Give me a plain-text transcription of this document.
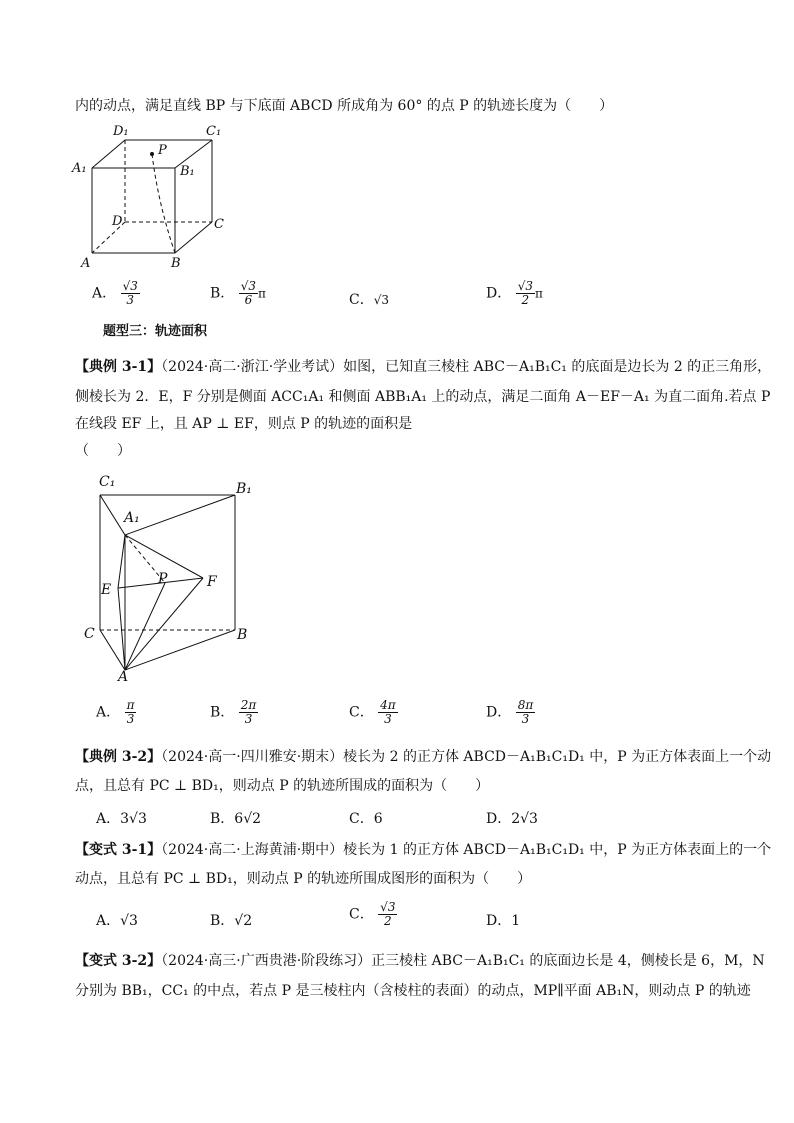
内的动点，满足直线 BP 与下底面 ABCD 所成角为 60° 的点 P 的轨迹长度为（　　）
D₁	C₁
P
A₁	B₁
D	C
A	B
A． $\frac{√3}{3}$	B． $\frac{√3}{6}$ π	C．√3	D． $\frac{√3}{2}$ π
题型三：轨迹面积
【典例 3-1】（2024·高二·浙江·学业考试）如图，已知直三棱柱 ABC－A₁B₁C₁ 的底面是边长为 2 的正三角形，
侧棱长为 2．E，F 分别是侧面 ACC₁A₁ 和侧面 ABB₁A₁ 上的动点，满足二面角 A－EF－A₁ 为直二面角.若点 P
在线段 EF 上，且 AP ⊥ EF，则点 P 的轨迹的面积是
（　　）
C₁	B₁
A₁
P	F
E
C	B
A
A． $\frac{\pi}{3}$	B． $\frac{2\pi}{3}$	C． $\frac{4\pi}{3}$	D． $\frac{8\pi}{3}$
【典例 3-2】（2024·高一·四川雅安·期末）棱长为 2 的正方体 ABCD－A₁B₁C₁D₁ 中，P 为正方体表面上一个动
点，且总有 PC ⊥ BD₁，则动点 P 的轨迹所围成的面积为（　　）
A．3√3	B．6√2	C．6	D．2√3
【变式 3-1】（2024·高二·上海黄浦·期中）棱长为 1 的正方体 ABCD－A₁B₁C₁D₁ 中，P 为正方体表面上的一个
动点，且总有 PC ⊥ BD₁，则动点 P 的轨迹所围成图形的面积为（　　）
A．√3	B．√2	C． $\frac{√3}{2}$	D．1
【变式 3-2】（2024·高三·广西贵港·阶段练习）正三棱柱 ABC－A₁B₁C₁ 的底面边长是 4，侧棱长是 6，M，N
分别为 BB₁，CC₁ 的中点，若点 P 是三棱柱内（含棱柱的表面）的动点，MP∥平面 AB₁N，则动点 P 的轨迹
